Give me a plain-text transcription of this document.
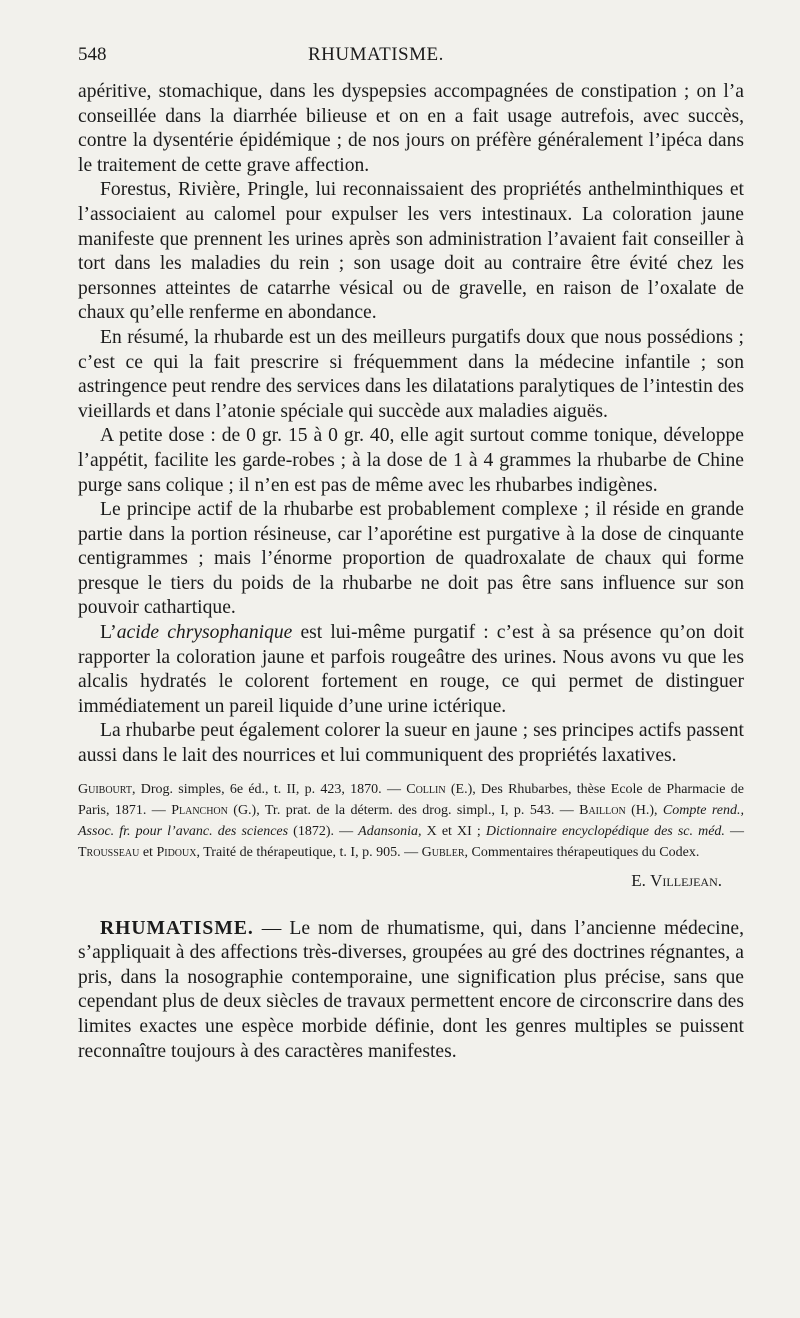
548	RHUMATISME.

apéritive, stomachique, dans les dyspepsies accompagnées de constipation ; on l’a conseillée dans la diarrhée bilieuse et on en a fait usage autrefois, avec succès, contre la dysentérie épidémique ; de nos jours on préfère généralement l’ipéca dans le traitement de cette grave affection.

Forestus, Rivière, Pringle, lui reconnaissaient des propriétés anthelminthiques et l’associaient au calomel pour expulser les vers intestinaux. La coloration jaune manifeste que prennent les urines après son administration l’avaient fait conseiller à tort dans les maladies du rein ; son usage doit au contraire être évité chez les personnes atteintes de catarrhe vésical ou de gravelle, en raison de l’oxalate de chaux qu’elle renferme en abondance.

En résumé, la rhubarde est un des meilleurs purgatifs doux que nous possédions ; c’est ce qui la fait prescrire si fréquemment dans la médecine infantile ; son astringence peut rendre des services dans les dilatations paralytiques de l’intestin des vieillards et dans l’atonie spéciale qui succède aux maladies aiguës.

A petite dose : de 0 gr. 15 à 0 gr. 40, elle agit surtout comme tonique, développe l’appétit, facilite les garde-robes ; à la dose de 1 à 4 grammes la rhubarbe de Chine purge sans colique ; il n’en est pas de même avec les rhubarbes indigènes.

Le principe actif de la rhubarbe est probablement complexe ; il réside en grande partie dans la portion résineuse, car l’aporétine est purgative à la dose de cinquante centigrammes ; mais l’énorme proportion de quadroxalate de chaux qui forme presque le tiers du poids de la rhubarbe ne doit pas être sans influence sur son pouvoir cathartique.

L’acide chrysophanique est lui-même purgatif : c’est à sa présence qu’on doit rapporter la coloration jaune et parfois rougeâtre des urines. Nous avons vu que les alcalis hydratés le colorent fortement en rouge, ce qui permet de distinguer immédiatement un pareil liquide d’une urine ictérique.

La rhubarbe peut également colorer la sueur en jaune ; ses principes actifs passent aussi dans le lait des nourrices et lui communiquent des propriétés laxatives.

Guibourt, Drog. simples, 6e éd., t. II, p. 423, 1870. — Collin (E.), Des Rhubarbes, thèse Ecole de Pharmacie de Paris, 1871. — Planchon (G.), Tr. prat. de la déterm. des drog. simpl., I, p. 543. — Baillon (H.), Compte rend., Assoc. fr. pour l’avanc. des sciences (1872). — Adansonia, X et XI ; Dictionnaire encyclopédique des sc. méd. — Trousseau et Pidoux, Traité de thérapeutique, t. I, p. 905. — Gubler, Commentaires thérapeutiques du Codex.
E. Villejean.

RHUMATISME. — Le nom de rhumatisme, qui, dans l’ancienne médecine, s’appliquait à des affections très-diverses, groupées au gré des doctrines régnantes, a pris, dans la nosographie contemporaine, une signification plus précise, sans que cependant plus de deux siècles de travaux permettent encore de circonscrire dans des limites exactes une espèce morbide définie, dont les genres multiples se puissent reconnaître toujours à des caractères manifestes.
